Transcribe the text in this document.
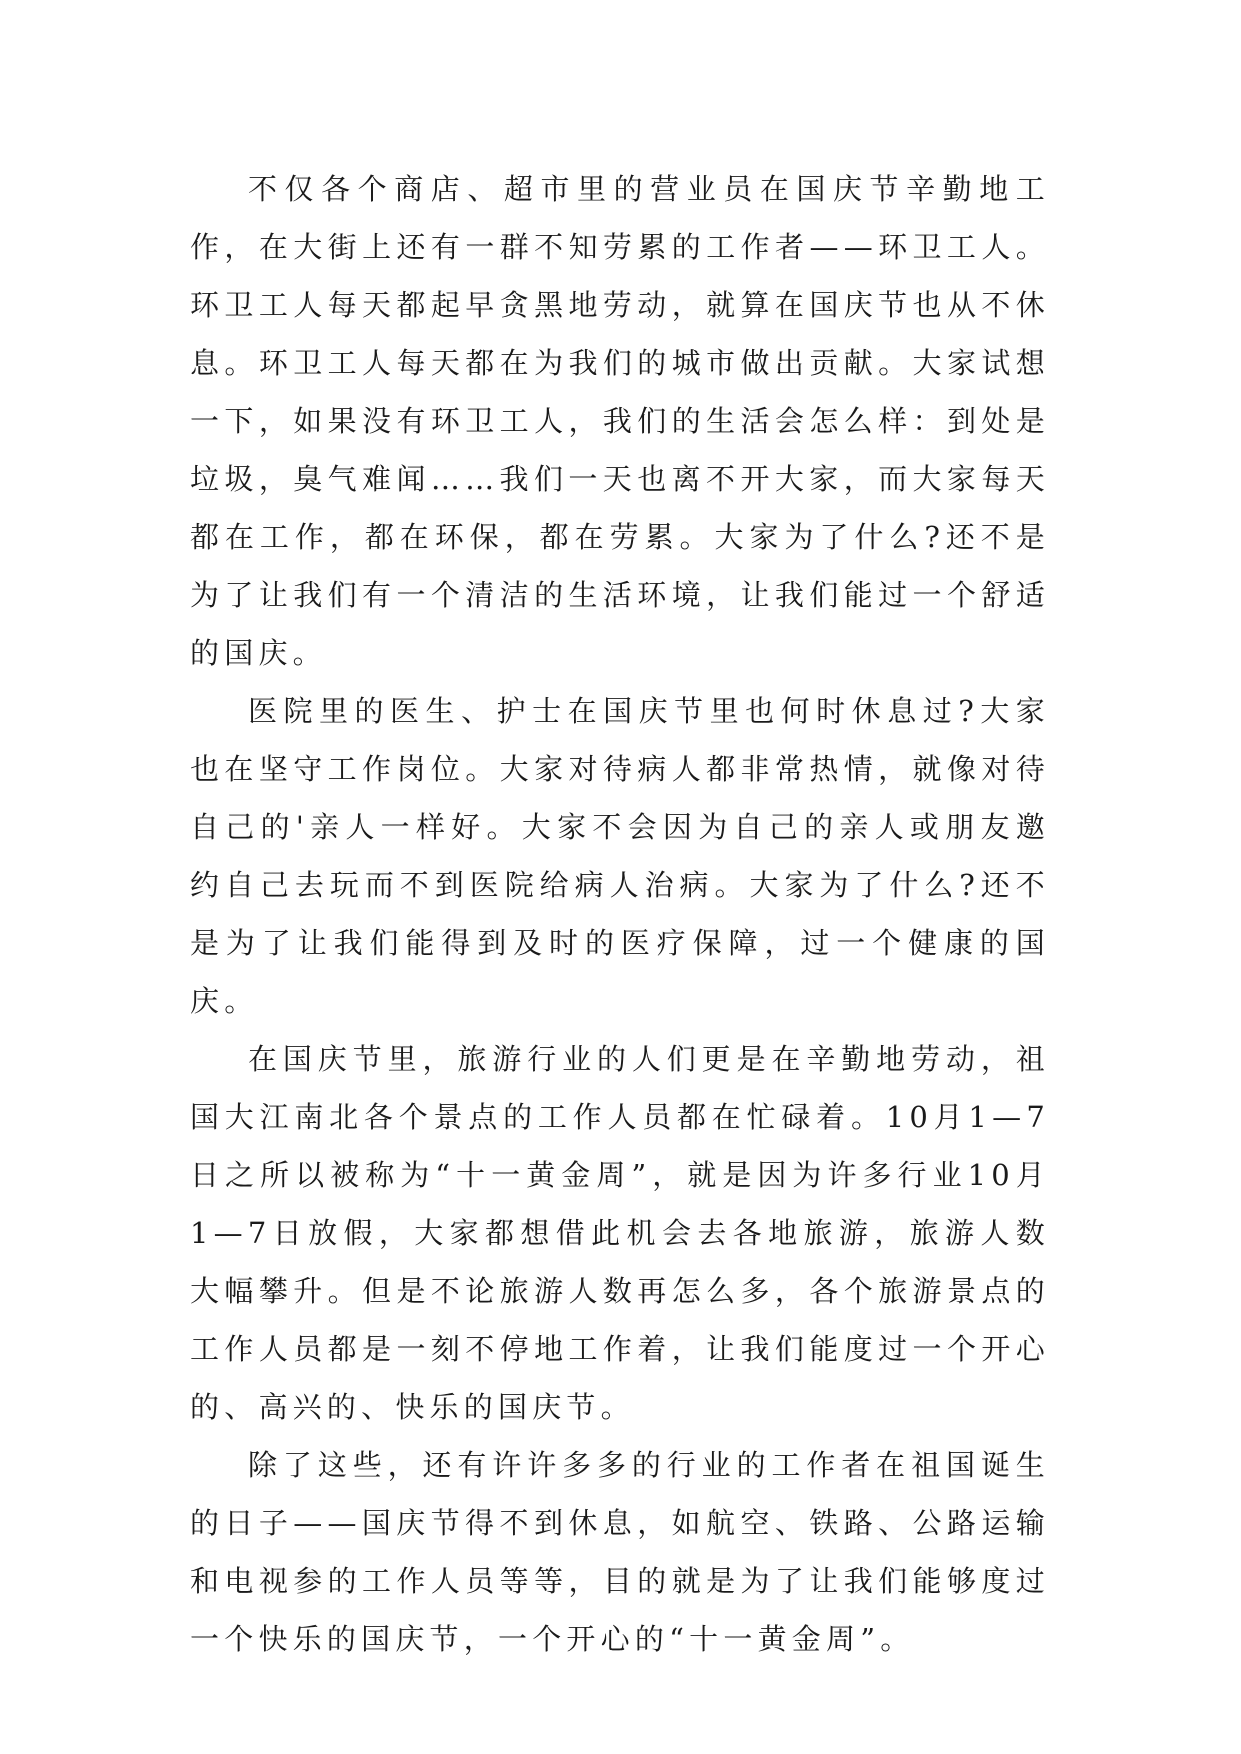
不仅各个商店、超市里的营业员在国庆节辛勤地工作，在大街上还有一群不知劳累的工作者——环卫工人。环卫工人每天都起早贪黑地劳动，就算在国庆节也从不休息。环卫工人每天都在为我们的城市做出贡献。大家试想一下，如果没有环卫工人，我们的生活会怎么样：到处是垃圾，臭气难闻……我们一天也离不开大家，而大家每天都在工作，都在环保，都在劳累。大家为了什么?还不是为了让我们有一个清洁的生活环境，让我们能过一个舒适的国庆。

医院里的医生、护士在国庆节里也何时休息过?大家也在坚守工作岗位。大家对待病人都非常热情，就像对待自己的'亲人一样好。大家不会因为自己的亲人或朋友邀约自己去玩而不到医院给病人治病。大家为了什么?还不是为了让我们能得到及时的医疗保障，过一个健康的国庆。

在国庆节里，旅游行业的人们更是在辛勤地劳动，祖国大江南北各个景点的工作人员都在忙碌着。10月1—7日之所以被称为“十一黄金周”，就是因为许多行业10月1—7日放假，大家都想借此机会去各地旅游，旅游人数大幅攀升。但是不论旅游人数再怎么多，各个旅游景点的工作人员都是一刻不停地工作着，让我们能度过一个开心的、高兴的、快乐的国庆节。

除了这些，还有许许多多的行业的工作者在祖国诞生的日子——国庆节得不到休息，如航空、铁路、公路运输和电视参的工作人员等等，目的就是为了让我们能够度过一个快乐的国庆节，一个开心的“十一黄金周”。
